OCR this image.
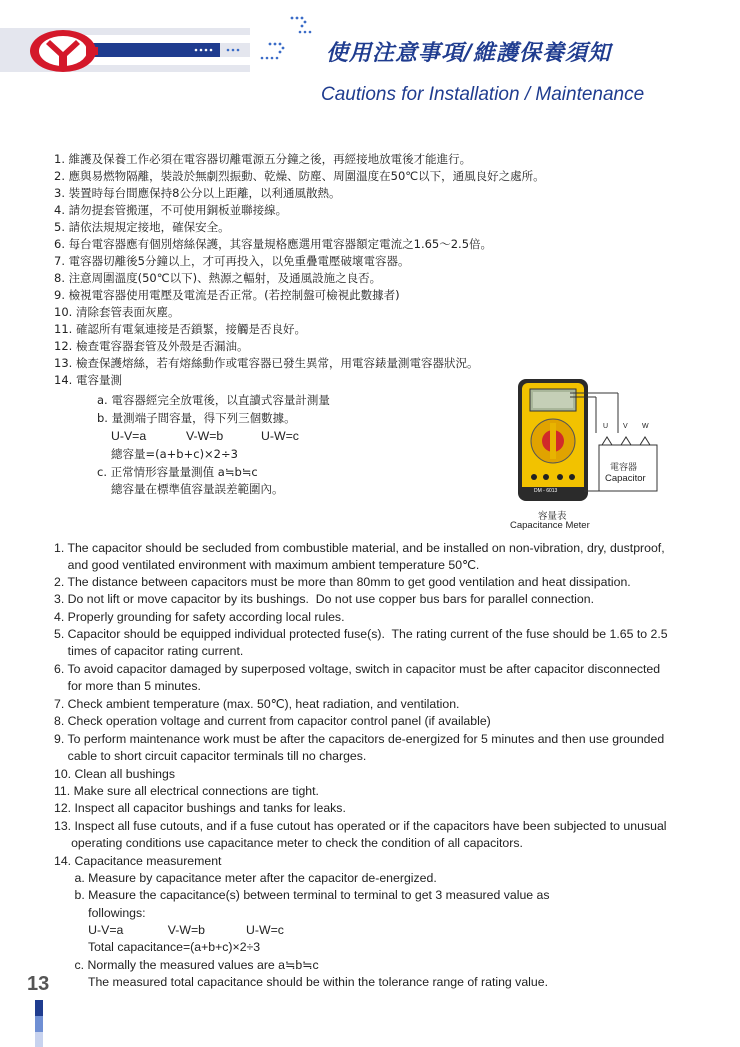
使用注意事項/維護保養須知
Cautions for Installation / Maintenance
1. 維護及保養工作必須在電容器切離電源五分鐘之後，再經接地放電後才能進行。
2. 應與易燃物隔離，裝設於無劇烈振動、乾燥、防塵、周圍溫度在50℃以下，通風良好之處所。
3. 裝置時每台間應保持8公分以上距離，以利通風散熱。
4. 請勿提套管搬運，不可使用銅板並聯接線。
5. 請依法規規定接地，確保安全。
6. 每台電容器應有個別熔絲保護，其容量規格應選用電容器額定電流之1.65～2.5倍。
7. 電容器切離後5分鐘以上，才可再投入，以免重疊電壓破壞電容器。
8. 注意周圍溫度(50℃以下)、熱源之輻射，及通風設施之良否。
9. 檢視電容器使用電壓及電流是否正常。(若控制盤可檢視此數據者)
10. 清除套管表面灰塵。
11. 確認所有電氣連接是否鎖緊，接觸是否良好。
12. 檢查電容器套管及外殼是否漏油。
13. 檢查保護熔絲，若有熔絲動作或電容器已發生異常，用電容錶量測電容器狀況。
14. 電容量測
a. 電容器經完全放電後，以直讀式容量計測量
b. 量測端子間容量，得下列三個數據。
U-V=a	V-W=b	U-W=c
總容量=(a+b+c)×2÷3
c. 正常情形容量量測值 a≒b≒c
總容量在標準值容量誤差範圍內。
U V W
電容器
Capacitor
DM - 6013
容量表
Capacitance Meter
1. The capacitor should be secluded from combustible material, and be installed on non-vibration, dry, dustproof,
and good ventilated environment with maximum ambient temperature 50℃.
2. The distance between capacitors must be more than 80mm to get good ventilation and heat dissipation.
3. Do not lift or move capacitor by its bushings.  Do not use copper bus bars for parallel connection.
4. Properly grounding for safety according local rules.
5. Capacitor should be equipped individual protected fuse(s).  The rating current of the fuse should be 1.65 to 2.5
times of capacitor rating current.
6. To avoid capacitor damaged by superposed voltage, switch in capacitor must be after capacitor disconnected
for more than 5 minutes.
7. Check ambient temperature (max. 50℃), heat radiation, and ventilation.
8. Check operation voltage and current from capacitor control panel (if available)
9. To perform maintenance work must be after the capacitors de-energized for 5 minutes and then use grounded
cable to short circuit capacitor terminals till no charges.
10. Clean all bushings
11. Make sure all electrical connections are tight.
12. Inspect all capacitor bushings and tanks for leaks.
13. Inspect all fuse cutouts, and if a fuse cutout has operated or if the capacitors have been subjected to unusual
operating conditions use capacitance meter to check the condition of all capacitors.
14. Capacitance measurement
a. Measure by capacitance meter after the capacitor de-energized.
b. Measure the capacitance(s) between terminal to terminal to get 3 measured value as
followings:
U-V=a             V-W=b            U-W=c
Total capacitance=(a+b+c)×2÷3
c. Normally the measured values are a≒b≒c
The measured total capacitance should be within the tolerance range of rating value.
13
